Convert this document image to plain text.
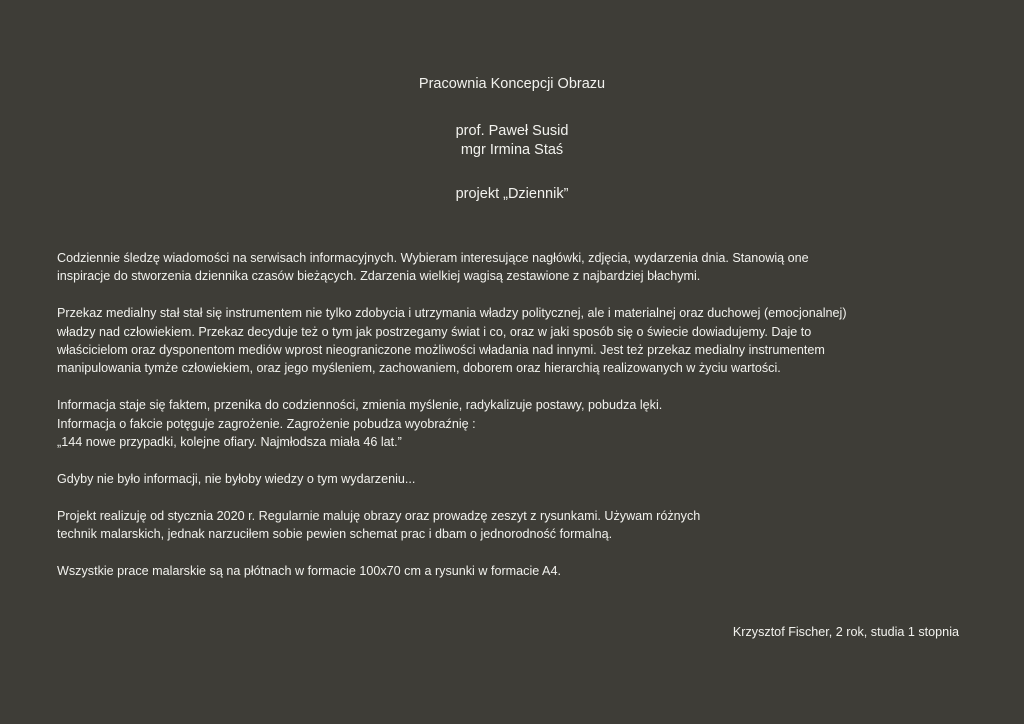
Pracownia Koncepcji Obrazu

prof. Paweł Susid

mgr Irmina Staś

projekt „Dziennik”

Codziennie śledzę wiadomości na serwisach informacyjnych. Wybieram interesujące nagłówki, zdjęcia, wydarzenia dnia. Stanowią one
inspiracje do stworzenia dziennika czasów bieżących. Zdarzenia wielkiej wagisą zestawione z najbardziej błachymi.

Przekaz medialny stał stał się instrumentem nie tylko zdobycia i utrzymania władzy politycznej, ale i materialnej oraz duchowej (emocjonalnej)
władzy nad człowiekiem. Przekaz decyduje też o tym jak postrzegamy świat i co, oraz w jaki sposób się o świecie dowiadujemy. Daje to
właścicielom oraz dysponentom mediów wprost nieograniczone możliwości władania nad innymi. Jest też przekaz medialny instrumentem
manipulowania tymże człowiekiem, oraz jego myśleniem, zachowaniem, doborem oraz hierarchią realizowanych w życiu wartości.

Informacja staje się faktem, przenika do codzienności, zmienia myślenie, radykalizuje postawy, pobudza lęki.
Informacja o fakcie potęguje zagrożenie. Zagrożenie pobudza wyobraźnię :
„144 nowe przypadki, kolejne ofiary. Najmłodsza miała 46 lat.”

Gdyby nie było informacji, nie byłoby wiedzy o tym wydarzeniu...

Projekt realizuję od stycznia 2020 r. Regularnie maluję obrazy oraz prowadzę zeszyt z rysunkami. Używam różnych
technik malarskich, jednak narzuciłem sobie pewien schemat prac i dbam o jednorodność formalną.

Wszystkie prace malarskie są na płótnach w formacie 100x70 cm a rysunki w formacie A4.

Krzysztof Fischer, 2 rok, studia 1 stopnia
